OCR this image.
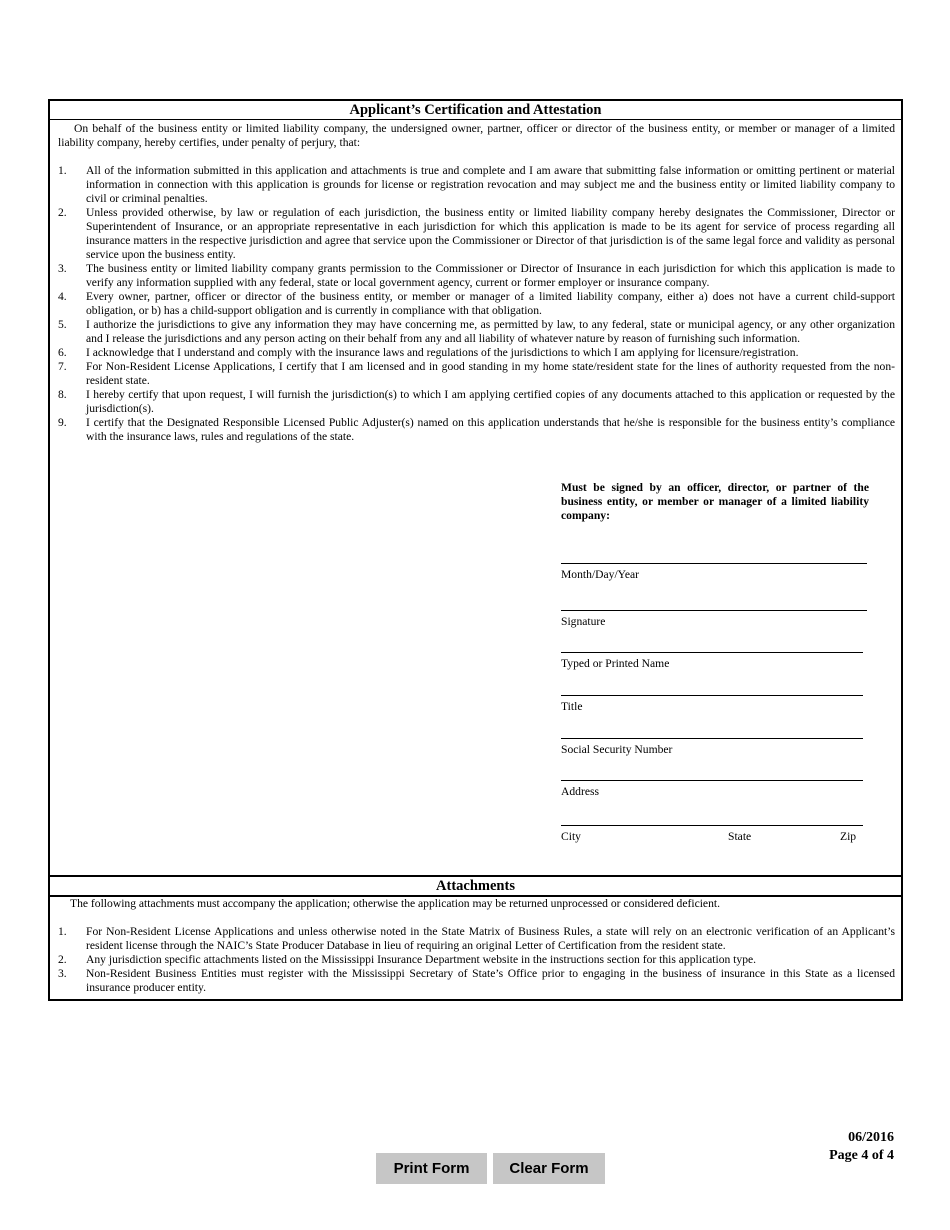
Applicant’s Certification and Attestation
On behalf of the business entity or limited liability company, the undersigned owner, partner, officer or director of the business entity, or member or manager of a limited liability company, hereby certifies, under penalty of perjury, that:
1. All of the information submitted in this application and attachments is true and complete and I am aware that submitting false information or omitting pertinent or material information in connection with this application is grounds for license or registration revocation and may subject me and the business entity or limited liability company to civil or criminal penalties.
2. Unless provided otherwise, by law or regulation of each jurisdiction, the business entity or limited liability company hereby designates the Commissioner, Director or Superintendent of Insurance, or an appropriate representative in each jurisdiction for which this application is made to be its agent for service of process regarding all insurance matters in the respective jurisdiction and agree that service upon the Commissioner or Director of that jurisdiction is of the same legal force and validity as personal service upon the business entity.
3. The business entity or limited liability company grants permission to the Commissioner or Director of Insurance in each jurisdiction for which this application is made to verify any information supplied with any federal, state or local government agency, current or former employer or insurance company.
4. Every owner, partner, officer or director of the business entity, or member or manager of a limited liability company, either a) does not have a current child-support obligation, or b) has a child-support obligation and is currently in compliance with that obligation.
5. I authorize the jurisdictions to give any information they may have concerning me, as permitted by law, to any federal, state or municipal agency, or any other organization and I release the jurisdictions and any person acting on their behalf from any and all liability of whatever nature by reason of furnishing such information.
6. I acknowledge that I understand and comply with the insurance laws and regulations of the jurisdictions to which I am applying for licensure/registration.
7. For Non-Resident License Applications, I certify that I am licensed and in good standing in my home state/resident state for the lines of authority requested from the non-resident state.
8. I hereby certify that upon request, I will furnish the jurisdiction(s) to which I am applying certified copies of any documents attached to this application or requested by the jurisdiction(s).
9. I certify that the Designated Responsible Licensed Public Adjuster(s) named on this application understands that he/she is responsible for the business entity’s compliance with the insurance laws, rules and regulations of the state.
Must be signed by an officer, director, or partner of the business entity, or member or manager of a limited liability company:
Month/Day/Year
Signature
Typed or Printed Name
Title
Social Security Number
Address
City	State	Zip
Attachments
The following attachments must accompany the application; otherwise the application may be returned unprocessed or considered deficient.
1. For Non-Resident License Applications and unless otherwise noted in the State Matrix of Business Rules, a state will rely on an electronic verification of an Applicant’s resident license through the NAIC’s State Producer Database in lieu of requiring an original Letter of Certification from the resident state.
2. Any jurisdiction specific attachments listed on the Mississippi Insurance Department website in the instructions section for this application type.
3. Non-Resident Business Entities must register with the Mississippi Secretary of State’s Office prior to engaging in the business of insurance in this State as a licensed insurance producer entity.
06/2016
Page 4 of 4
Print Form	Clear Form
